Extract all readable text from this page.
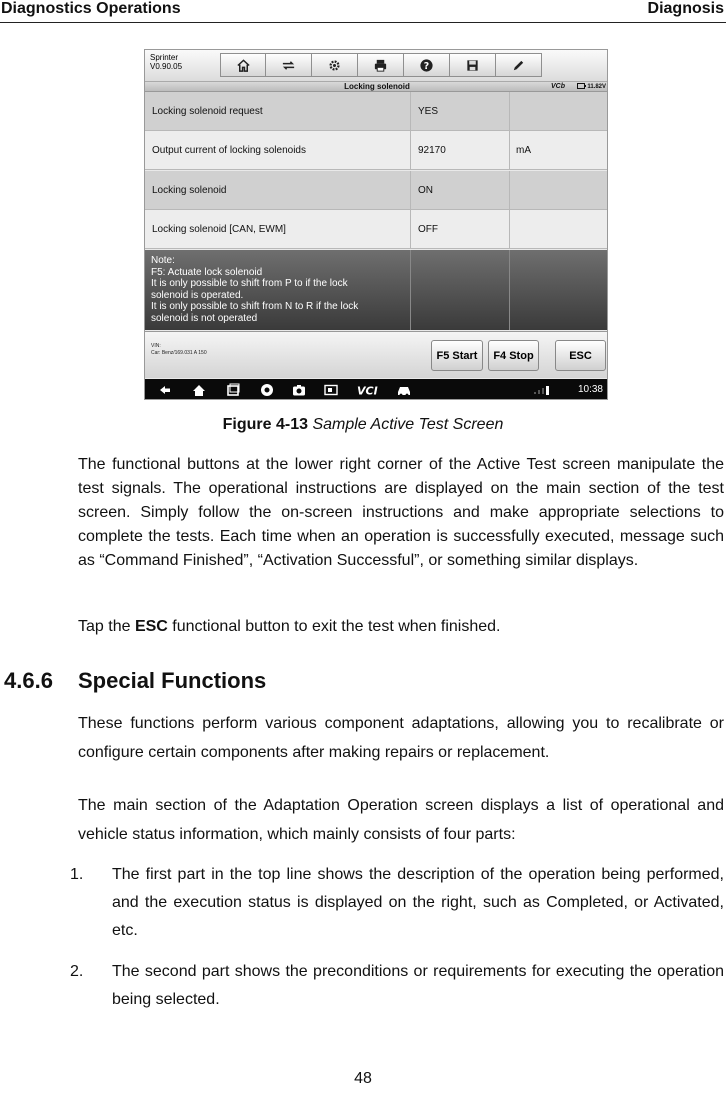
Diagnostics Operations	Diagnosis
Sprinter
V0.90.05	?
Locking solenoid	VCb	11.82V
Locking solenoid request	YES
Output current of locking solenoids	92170	mA
Locking solenoid	ON
Locking solenoid [CAN, EWM]	OFF
Note:
F5: Actuate lock solenoid
It is only possible to shift from P to if the lock
solenoid is operated.
It is only possible to shift from N to R if the lock
solenoid is not operated
VIN:
Car: Benz/169.031 A 150	F5 Start	F4 Stop	ESC
VCI	10:38
Figure 4-13 Sample Active Test Screen
The functional buttons at the lower right corner of the Active Test screen manipulate the test signals. The operational instructions are displayed on the main section of the test screen. Simply follow the on-screen instructions and make appropriate selections to complete the tests. Each time when an operation is successfully executed, message such as “Command Finished”, “Activation Successful”, or something similar displays.
Tap the ESC functional button to exit the test when finished.
4.6.6 Special Functions
These functions perform various component adaptations, allowing you to recalibrate or configure certain components after making repairs or replacement.
The main section of the Adaptation Operation screen displays a list of operational and vehicle status information, which mainly consists of four parts:
1. The first part in the top line shows the description of the operation being performed, and the execution status is displayed on the right, such as Completed, or Activated, etc.
2. The second part shows the preconditions or requirements for executing the operation being selected.
48
